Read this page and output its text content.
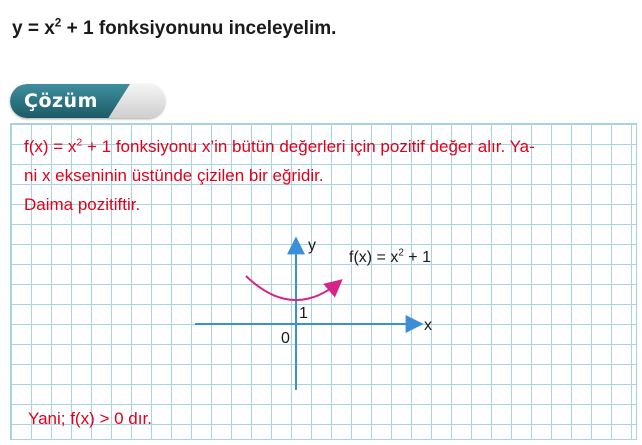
$y = x^2 + 1$ fonksiyonunu inceleyelim.
Çözüm
$f(x) = x^2 + 1$ fonksiyonu x’in bütün değerleri için pozitif değer alır. Ya-
ni x ekseninin üstünde çizilen bir eğridir.
Daima pozitiftir.
y
x
0
1
$f(x) = x^2 + 1$
Yani; f(x) > 0 dır.
